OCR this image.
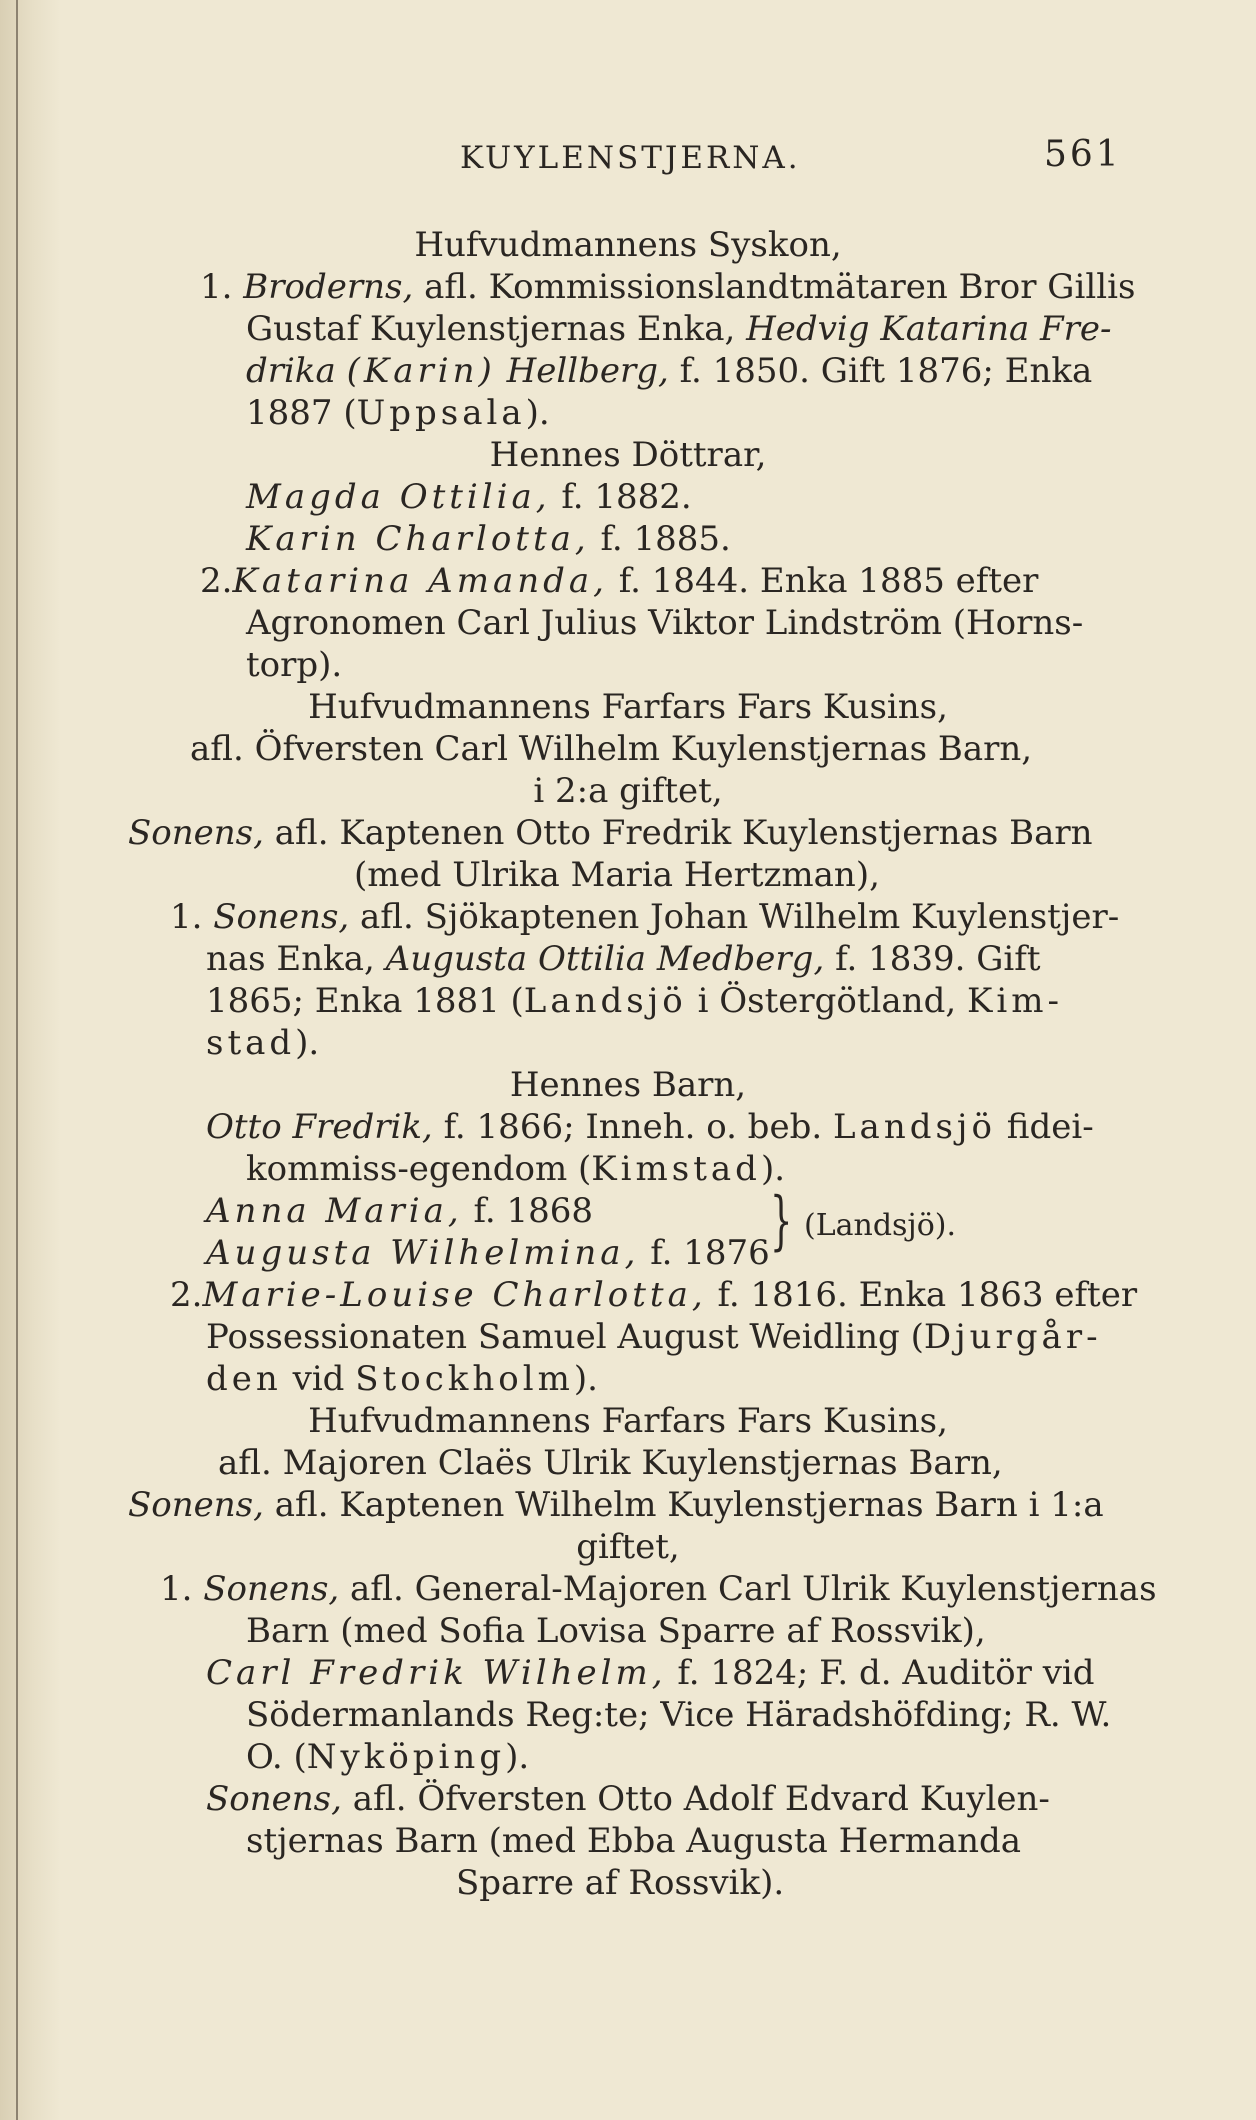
KUYLENSTJERNA.	561
Hufvudmannens Syskon,
1. Broderns, afl. Kommissionslandtmätaren Bror Gillis
Gustaf Kuylenstjernas Enka, Hedvig Katarina Fre-
drika (Karin) Hellberg, f. 1850. Gift 1876; Enka
1887 (Uppsala).
Hennes Döttrar,
Magda Ottilia, f. 1882.
Karin Charlotta, f. 1885.
2.Katarina Amanda, f. 1844. Enka 1885 efter
Agronomen Carl Julius Viktor Lindström (Horns-
torp).
Hufvudmannens Farfars Fars Kusins,
afl. Öfversten Carl Wilhelm Kuylenstjernas Barn,
i 2:a giftet,
Sonens, afl. Kaptenen Otto Fredrik Kuylenstjernas Barn
(med Ulrika Maria Hertzman),
1. Sonens, afl. Sjökaptenen Johan Wilhelm Kuylenstjer-
nas Enka, Augusta Ottilia Medberg, f. 1839. Gift
1865; Enka 1881 (Landsjö i Östergötland, Kim-
stad).
Hennes Barn,
Otto Fredrik, f. 1866; Inneh. o. beb. Landsjö fidei-
kommiss-egendom (Kimstad).
Anna Maria, f. 1868
Augusta Wilhelmina, f. 1876 } (Landsjö).
2.Marie-Louise Charlotta, f. 1816. Enka 1863 efter
Possessionaten Samuel August Weidling (Djurgår-
den vid Stockholm).
Hufvudmannens Farfars Fars Kusins,
afl. Majoren Claës Ulrik Kuylenstjernas Barn,
Sonens, afl. Kaptenen Wilhelm Kuylenstjernas Barn i 1:a
giftet,
1. Sonens, afl. General-Majoren Carl Ulrik Kuylenstjernas
Barn (med Sofia Lovisa Sparre af Rossvik),
Carl Fredrik Wilhelm, f. 1824; F. d. Auditör vid
Södermanlands Reg:te; Vice Häradshöfding; R. W.
O. (Nyköping).
Sonens, afl. Öfversten Otto Adolf Edvard Kuylen-
stjernas Barn (med Ebba Augusta Hermanda
Sparre af Rossvik).
